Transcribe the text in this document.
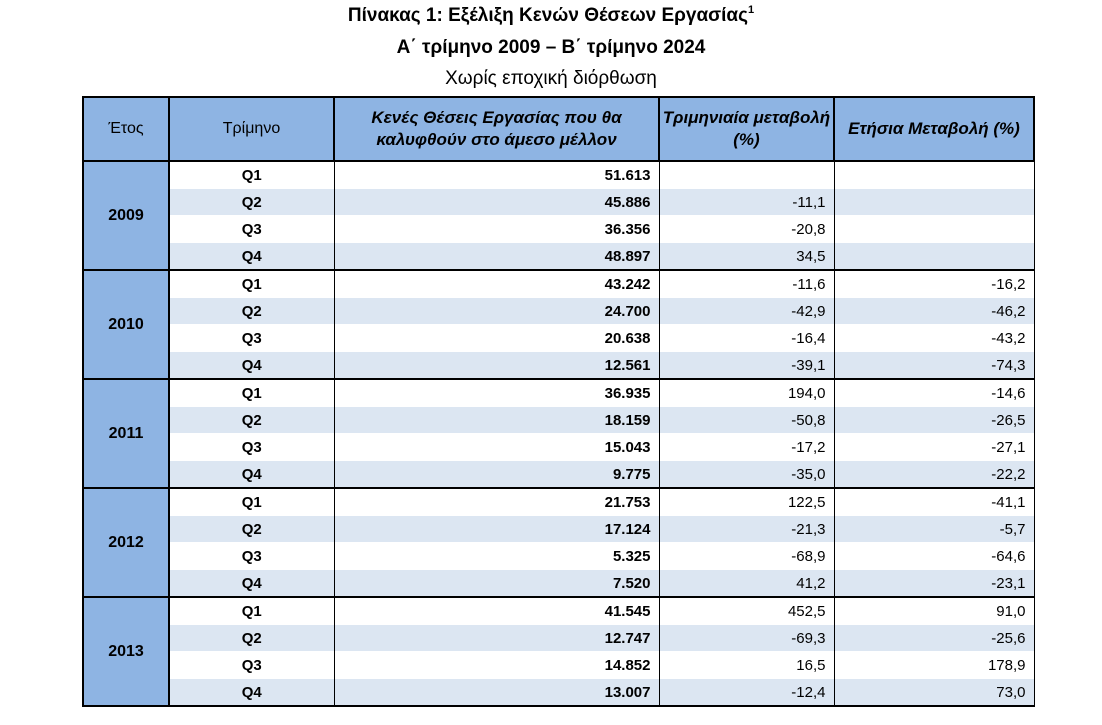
Πίνακας 1: Εξέλιξη Κενών Θέσεων Εργασίας$^1$
Α΄ τρίμηνο 2009 – Β΄ τρίμηνο 2024
Χωρίς εποχική διόρθωση
Έτος	Τρίμηνο	Κενές Θέσεις Εργασίας που θα καλυφθούν στο άμεσο μέλλον	Τριμηνιαία μεταβολή (%)	Ετήσια Μεταβολή (%)
2009	Q1	51.613		
	Q2	45.886	-11,1	
	Q3	36.356	-20,8	
	Q4	48.897	34,5	
2010	Q1	43.242	-11,6	-16,2
	Q2	24.700	-42,9	-46,2
	Q3	20.638	-16,4	-43,2
	Q4	12.561	-39,1	-74,3
2011	Q1	36.935	194,0	-14,6
	Q2	18.159	-50,8	-26,5
	Q3	15.043	-17,2	-27,1
	Q4	9.775	-35,0	-22,2
2012	Q1	21.753	122,5	-41,1
	Q2	17.124	-21,3	-5,7
	Q3	5.325	-68,9	-64,6
	Q4	7.520	41,2	-23,1
2013	Q1	41.545	452,5	91,0
	Q2	12.747	-69,3	-25,6
	Q3	14.852	16,5	178,9
	Q4	13.007	-12,4	73,0
